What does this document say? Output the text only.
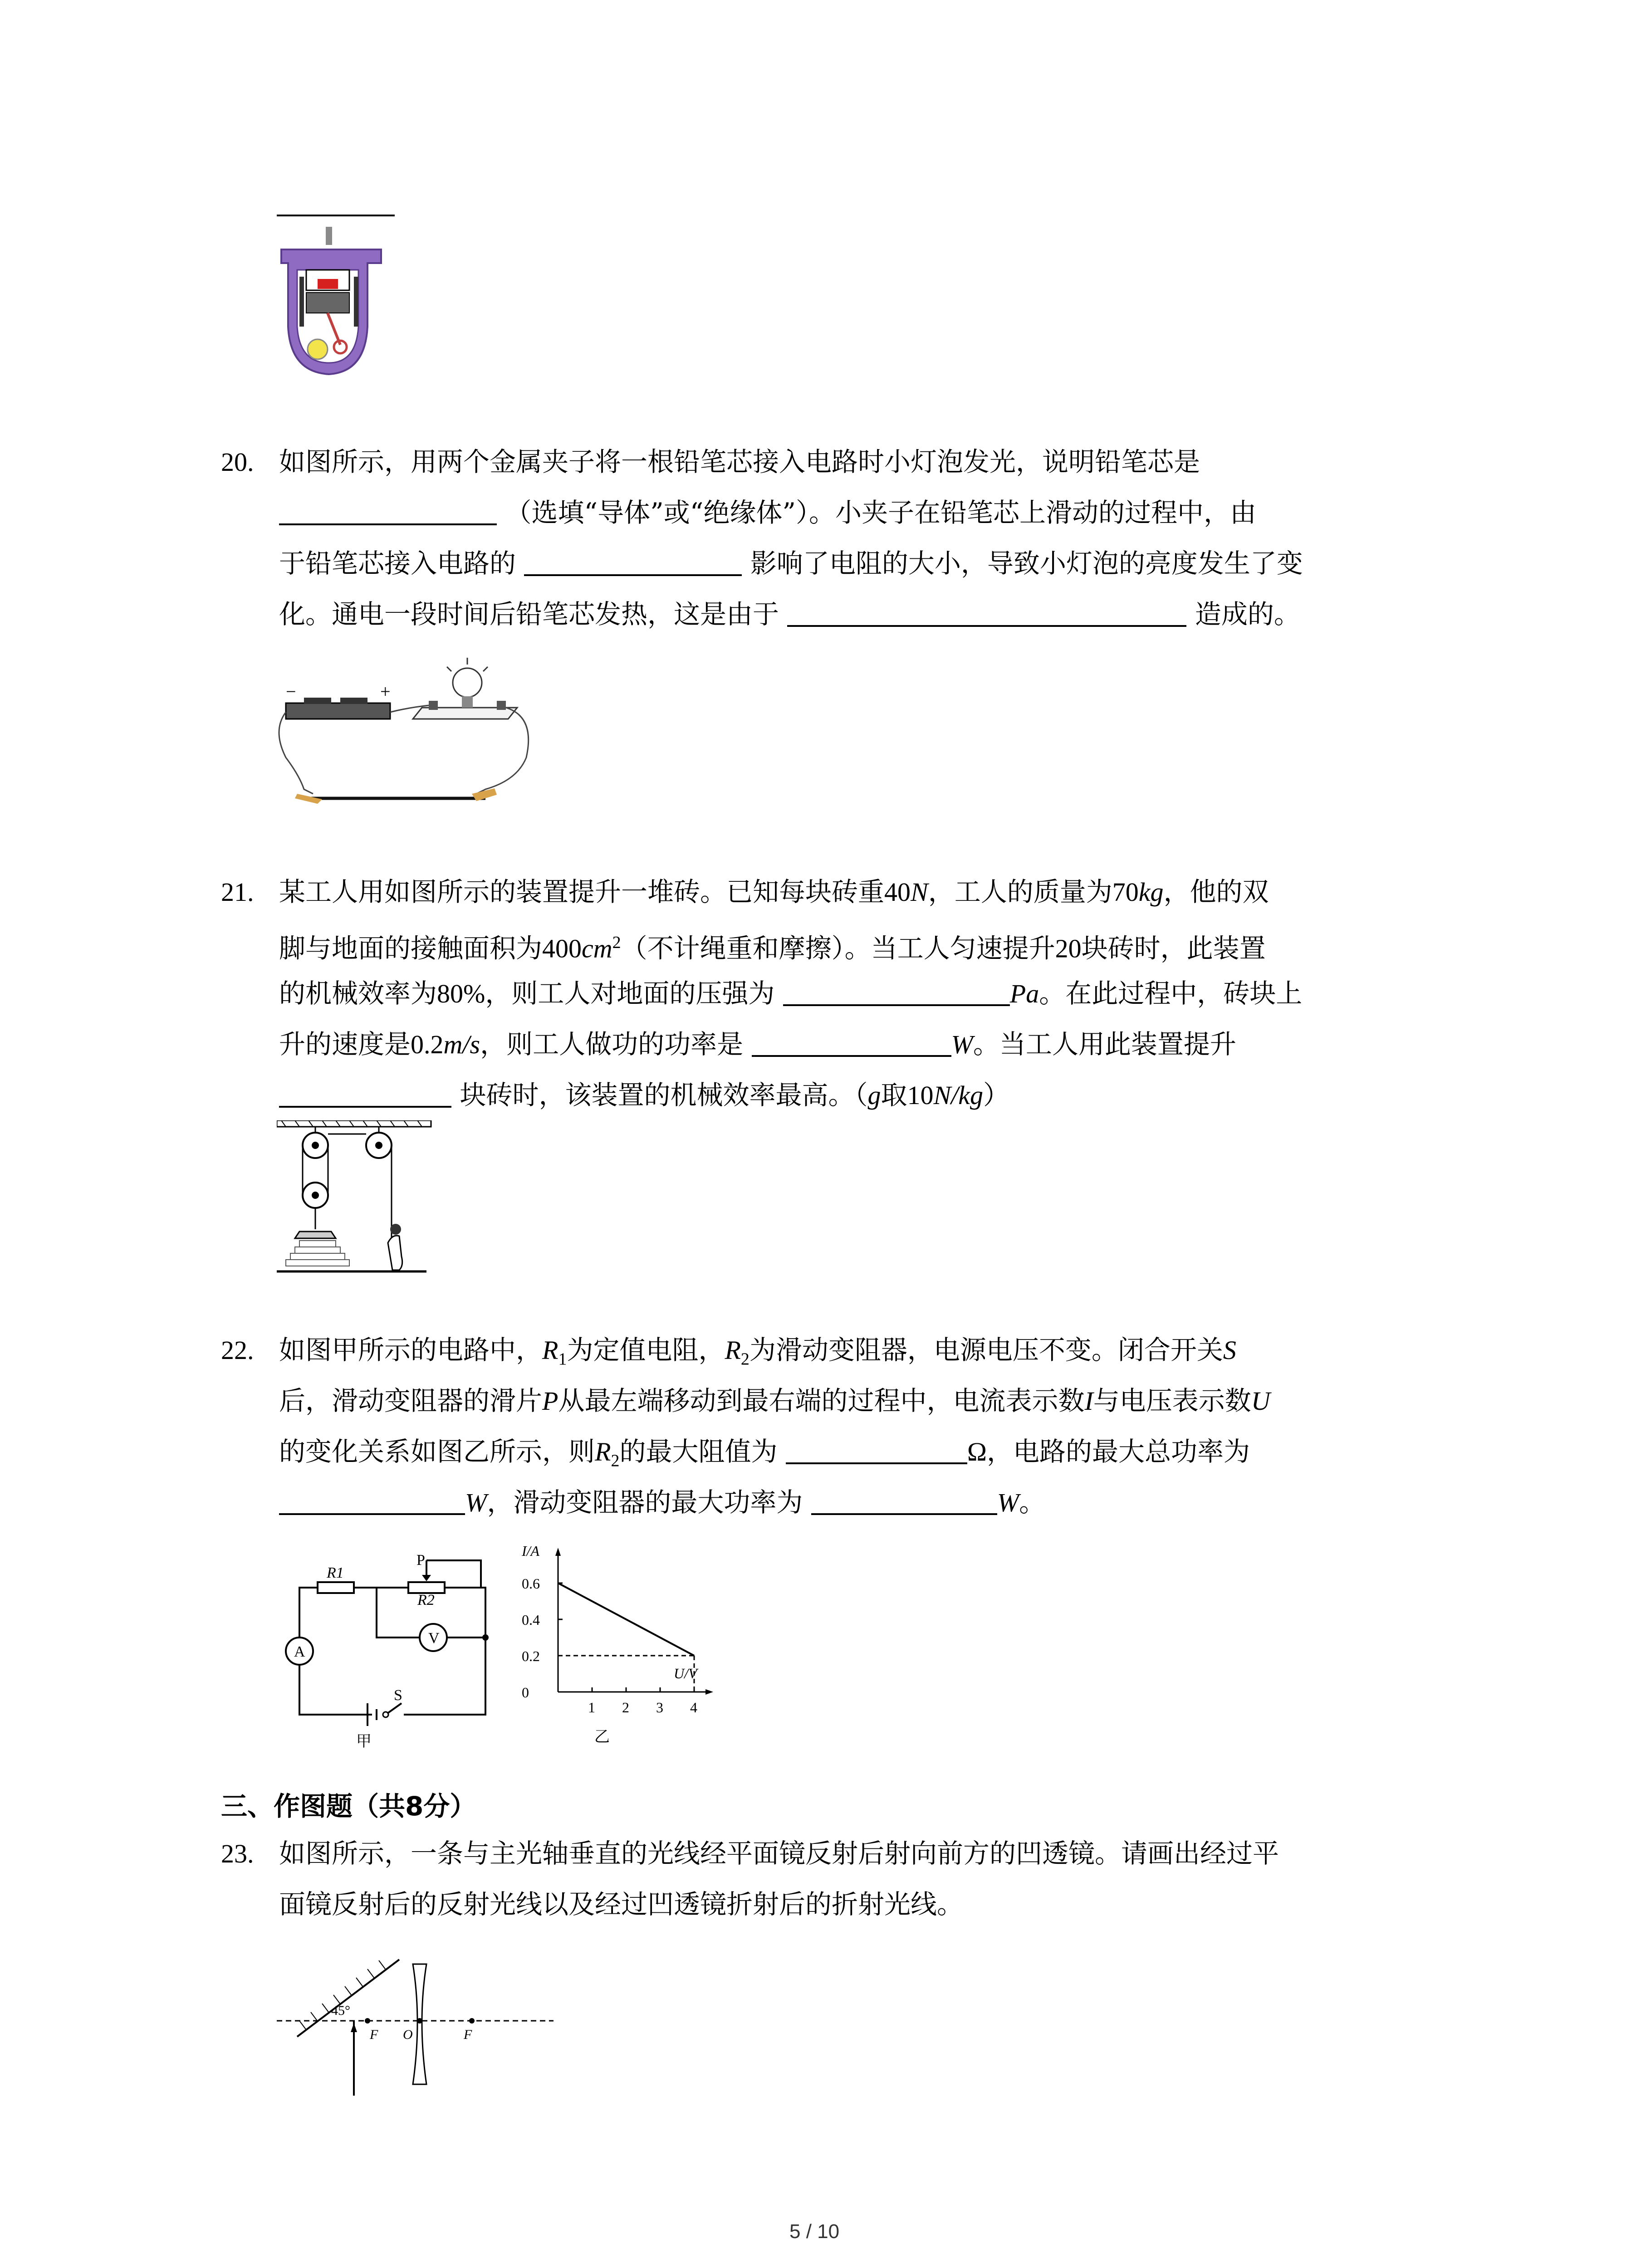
20. 如图所示，用两个金属夹子将一根铅笔芯接入电路时小灯泡发光，说明铅笔芯是
（选填“导体”或“绝缘体”）。小夹子在铅笔芯上滑动的过程中，由
于铅笔芯接入电路的	影响了电阻的大小，导致小灯泡的亮度发生了变
化。通电一段时间后铅笔芯发热，这是由于	造成的。
−	+
21. 某工人用如图所示的装置提升一堆砖。已知每块砖重40N，工人的质量为70kg，他的双
脚与地面的接触面积为$400cm^2$（不计绳重和摩擦）。当工人匀速提升20块砖时，此装置
的机械效率为80%，则工人对地面的压强为	Pa。在此过程中，砖块上
升的速度是0.2m/s，则工人做功的功率是	W。当工人用此装置提升
块砖时，该装置的机械效率最高。（g取10N/kg）
22. 如图甲所示的电路中，$R_1$为定值电阻，$R_2$为滑动变阻器，电源电压不变。闭合开关S
后，滑动变阻器的滑片P从最左端移动到最右端的过程中，电流表示数I与电压表示数U
的变化关系如图乙所示，则$R_2$的最大阻值为	Ω，电路的最大总功率为
W，滑动变阻器的最大功率为	W。
R1
R2
P
A
V
S
甲
I/A
U/V
0.6
0.4
0.2
0
1 2 3 4
乙
三、作图题（共8分）
23. 如图所示，一条与主光轴垂直的光线经平面镜反射后射向前方的凹透镜。请画出经过平
面镜反射后的反射光线以及经过凹透镜折射后的折射光线。
45°
F O	F
5 / 10
